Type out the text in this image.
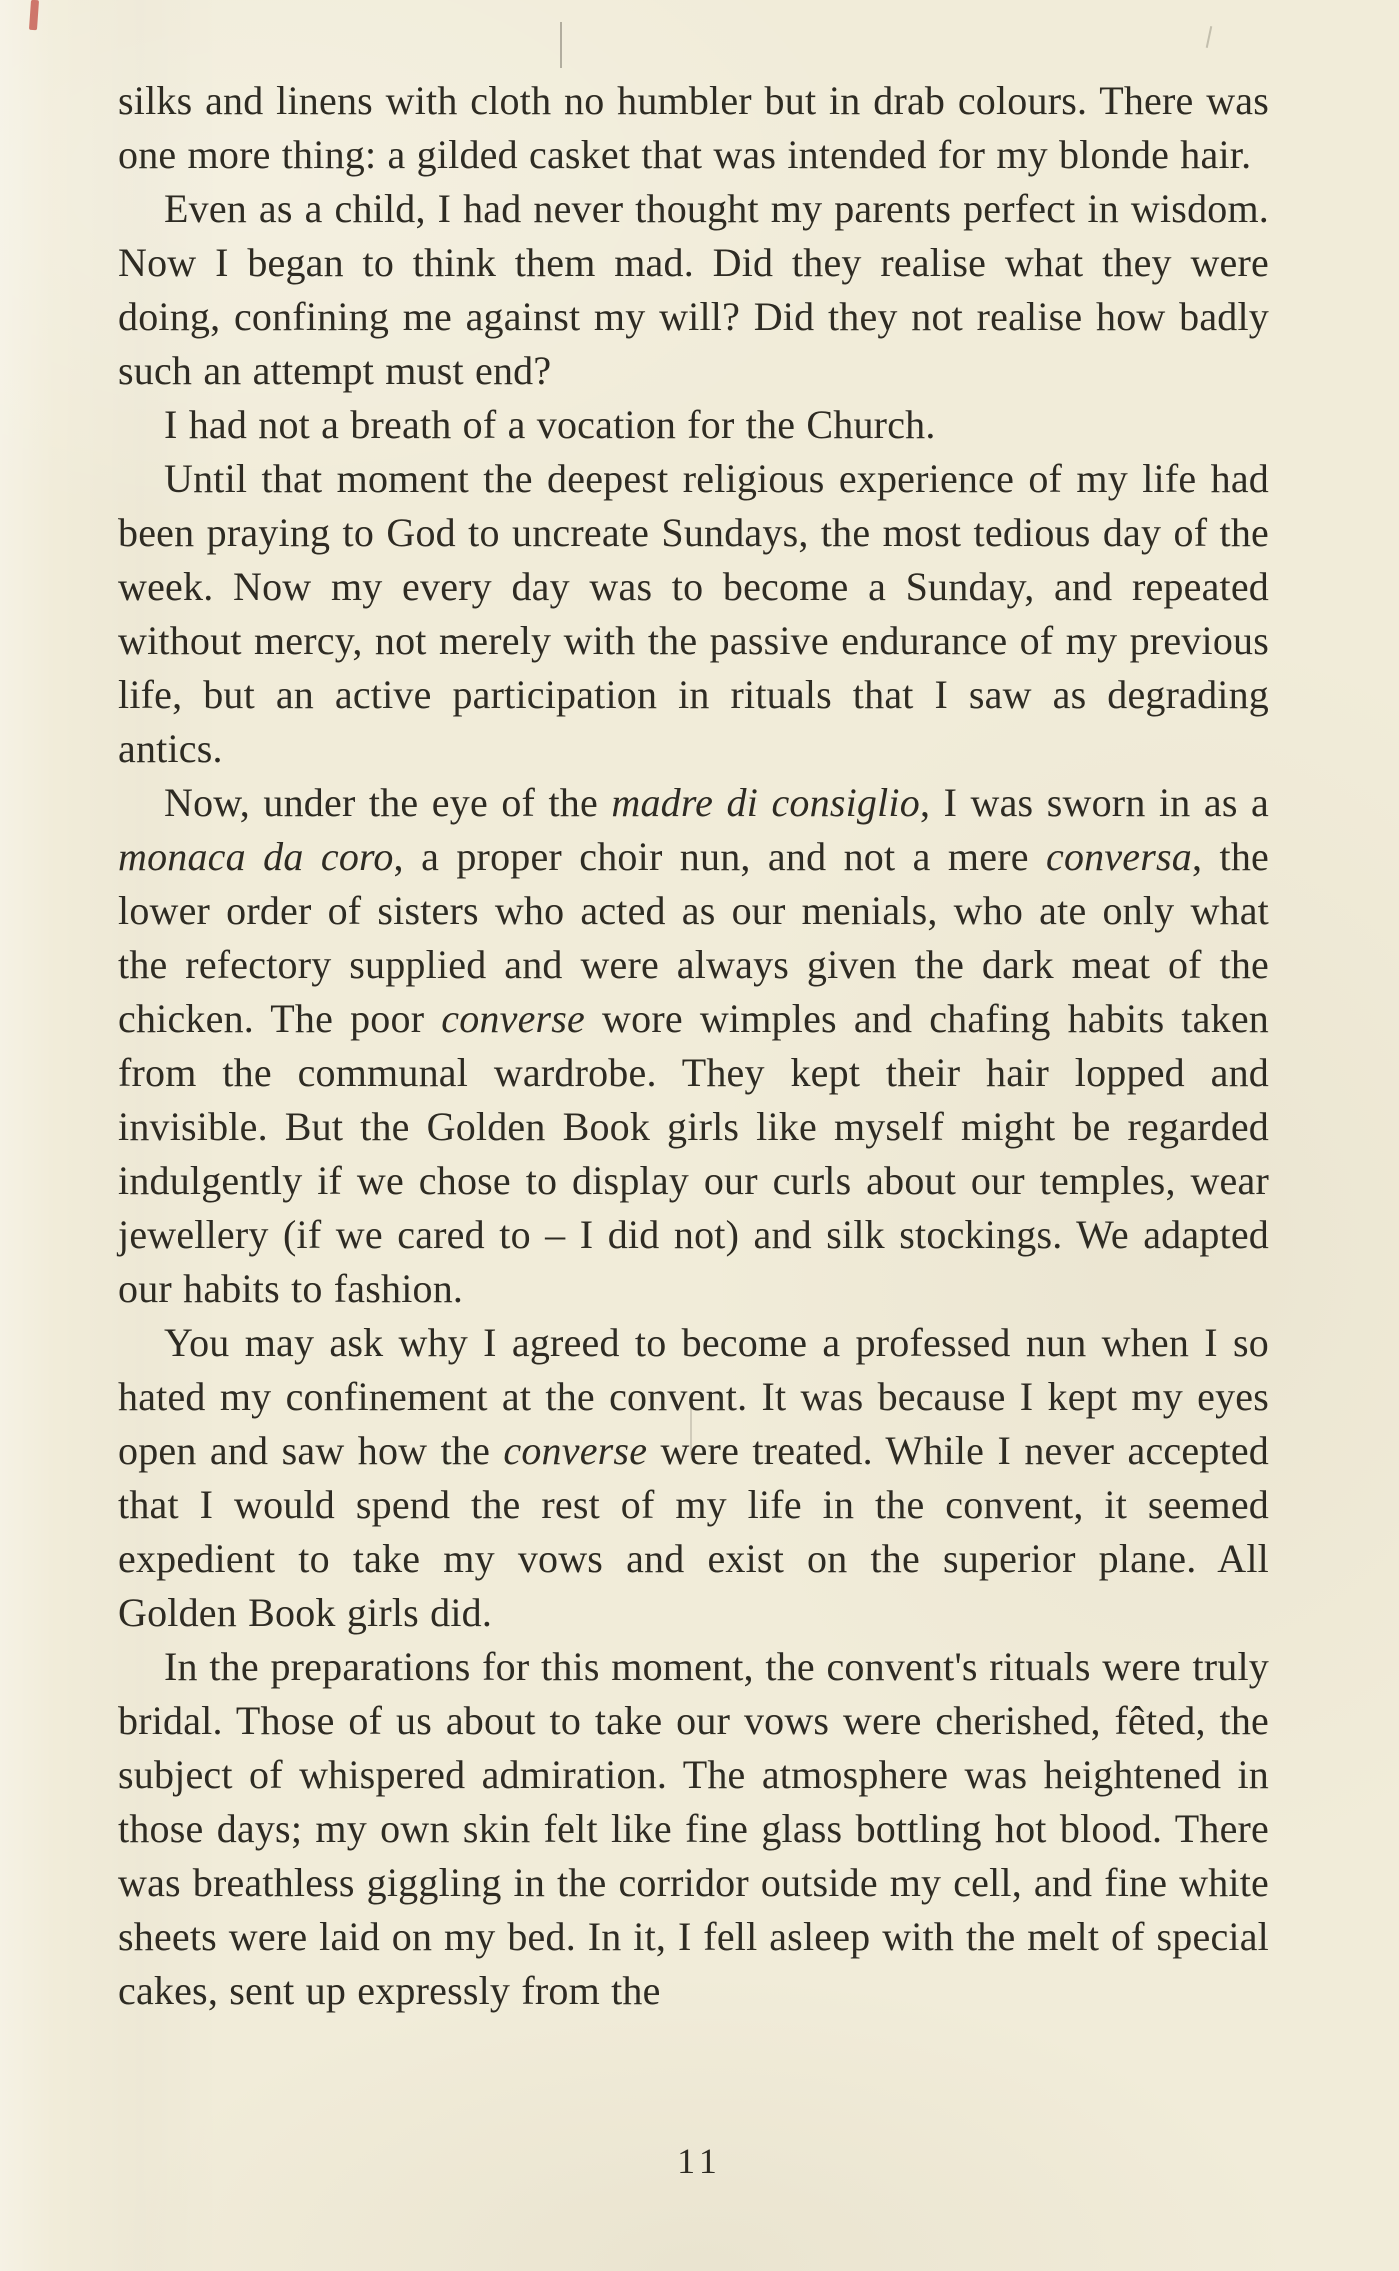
silks and linens with cloth no humbler but in drab colours. There was one more thing: a gilded casket that was intended for my blonde hair.

Even as a child, I had never thought my parents perfect in wisdom. Now I began to think them mad. Did they realise what they were doing, confining me against my will? Did they not realise how badly such an attempt must end?

I had not a breath of a vocation for the Church.

Until that moment the deepest religious experience of my life had been praying to God to uncreate Sundays, the most tedious day of the week. Now my every day was to become a Sunday, and repeated without mercy, not merely with the passive endurance of my previous life, but an active participation in rituals that I saw as degrading antics.

Now, under the eye of the madre di consiglio, I was sworn in as a monaca da coro, a proper choir nun, and not a mere conversa, the lower order of sisters who acted as our menials, who ate only what the refectory supplied and were always given the dark meat of the chicken. The poor converse wore wimples and chafing habits taken from the communal wardrobe. They kept their hair lopped and invisible. But the Golden Book girls like myself might be regarded indulgently if we chose to display our curls about our temples, wear jewellery (if we cared to – I did not) and silk stockings. We adapted our habits to fashion.

You may ask why I agreed to become a professed nun when I so hated my confinement at the convent. It was because I kept my eyes open and saw how the converse were treated. While I never accepted that I would spend the rest of my life in the convent, it seemed expedient to take my vows and exist on the superior plane. All Golden Book girls did.

In the preparations for this moment, the convent's rituals were truly bridal. Those of us about to take our vows were cherished, fêted, the subject of whispered admiration. The atmosphere was heightened in those days; my own skin felt like fine glass bottling hot blood. There was breathless giggling in the corridor outside my cell, and fine white sheets were laid on my bed. In it, I fell asleep with the melt of special cakes, sent up expressly from the

11
